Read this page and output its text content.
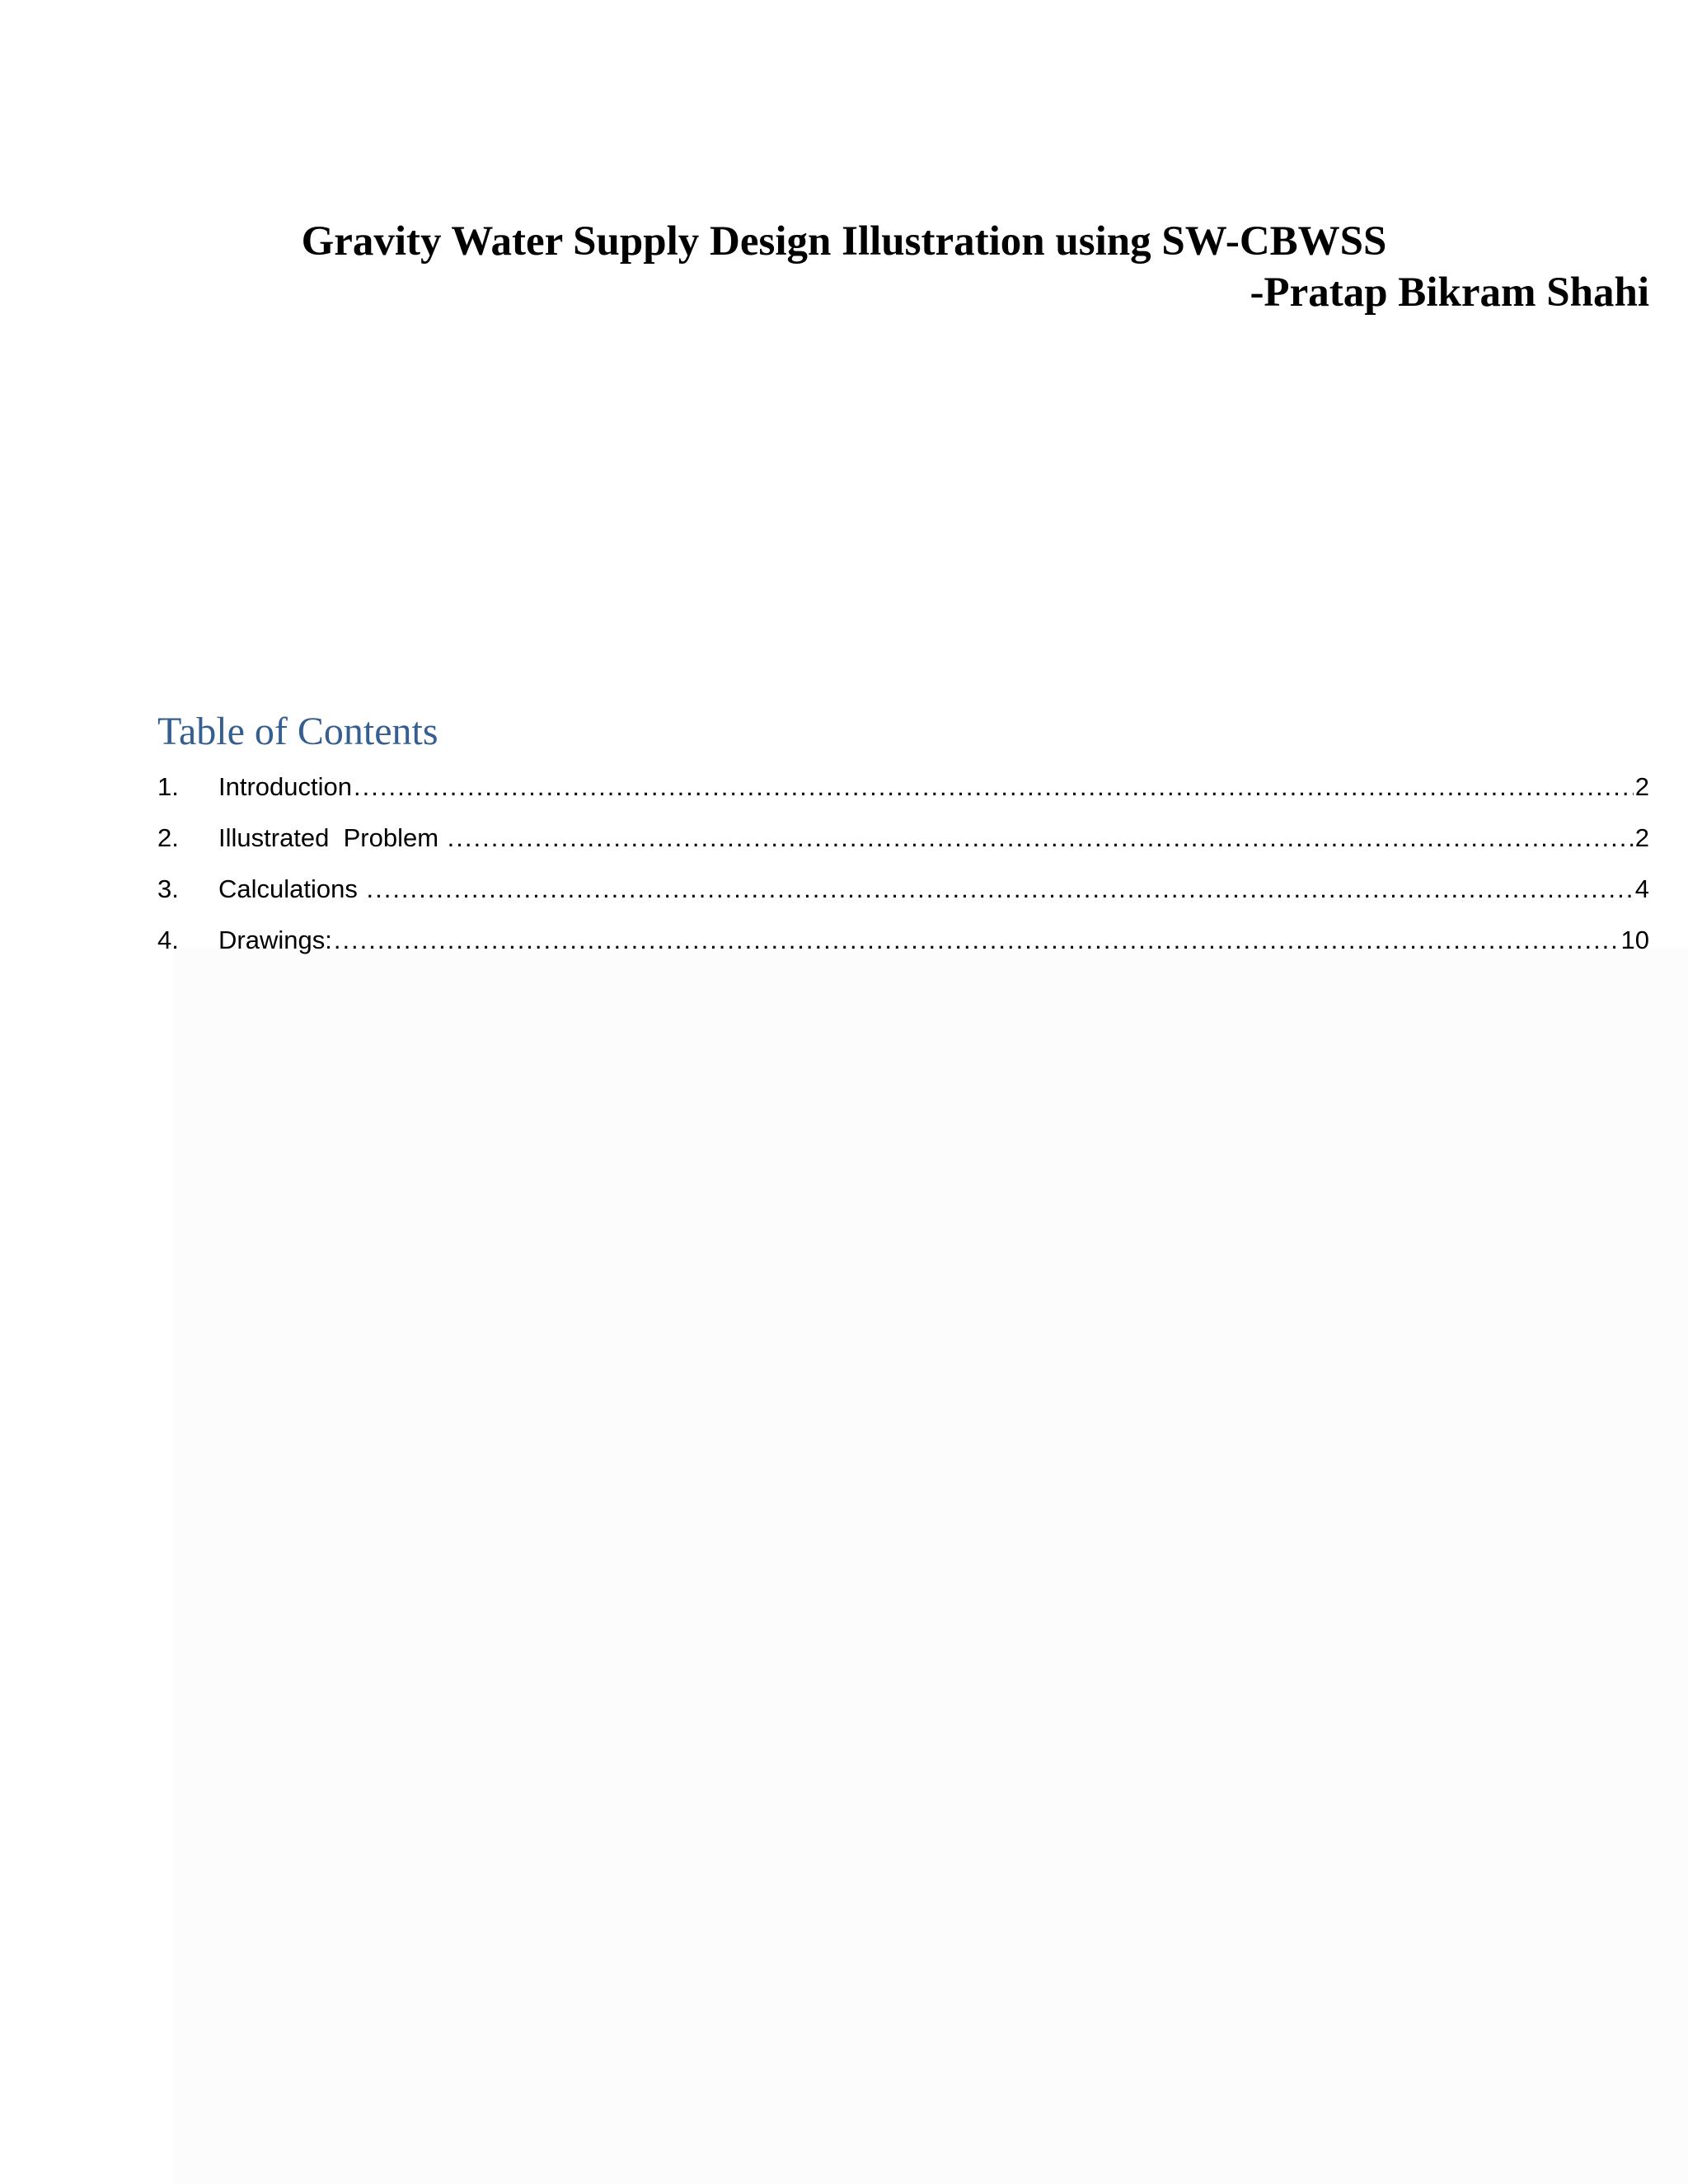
Gravity Water Supply Design Illustration using SW-CBWSS

-Pratap Bikram Shahi

Table of Contents
1.	Introduction .....	2
2.	Illustrated  Problem .....	2
3.	Calculations .....	4
4.	Drawings: .....	10
